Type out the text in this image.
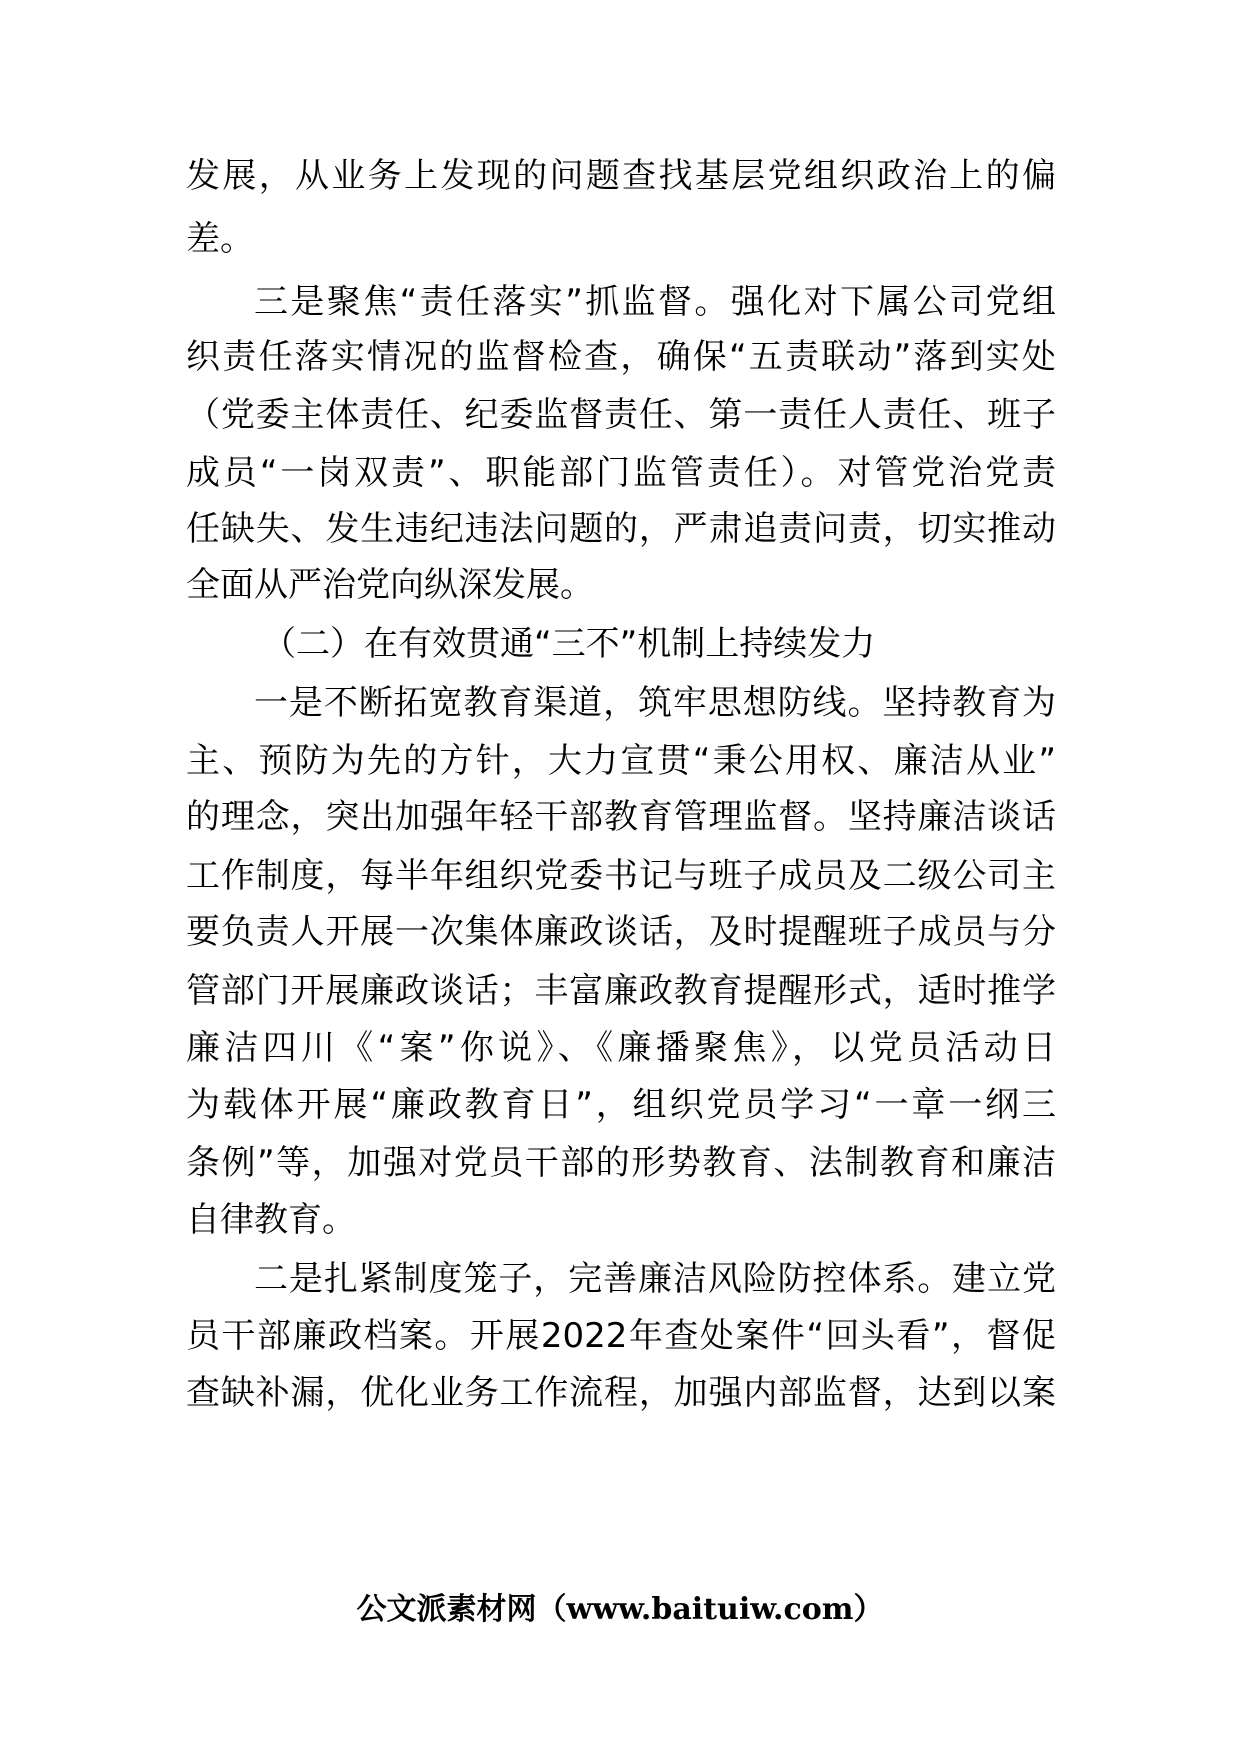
发展，从业务上发现的问题查找基层党组织政治上的偏
差。
三是聚焦“责任落实”抓监督。强化对下属公司党组
织责任落实情况的监督检查，确保“五责联动”落到实处
（党委主体责任、纪委监督责任、第一责任人责任、班子
成员“一岗双责”、职能部门监管责任）。对管党治党责
任缺失、发生违纪违法问题的，严肃追责问责，切实推动
全面从严治党向纵深发展。
（二）在有效贯通“三不”机制上持续发力
一是不断拓宽教育渠道，筑牢思想防线。坚持教育为
主、预防为先的方针，大力宣贯“秉公用权、廉洁从业”
的理念，突出加强年轻干部教育管理监督。坚持廉洁谈话
工作制度，每半年组织党委书记与班子成员及二级公司主
要负责人开展一次集体廉政谈话，及时提醒班子成员与分
管部门开展廉政谈话；丰富廉政教育提醒形式，适时推学
廉洁四川《“案”你说》、《廉播聚焦》，以党员活动日
为载体开展“廉政教育日”，组织党员学习“一章一纲三
条例”等，加强对党员干部的形势教育、法制教育和廉洁
自律教育。
二是扎紧制度笼子，完善廉洁风险防控体系。建立党
员干部廉政档案。开展2022年查处案件“回头看”，督促
查缺补漏，优化业务工作流程，加强内部监督，达到以案
公文派素材网（www.baituiw.com）
